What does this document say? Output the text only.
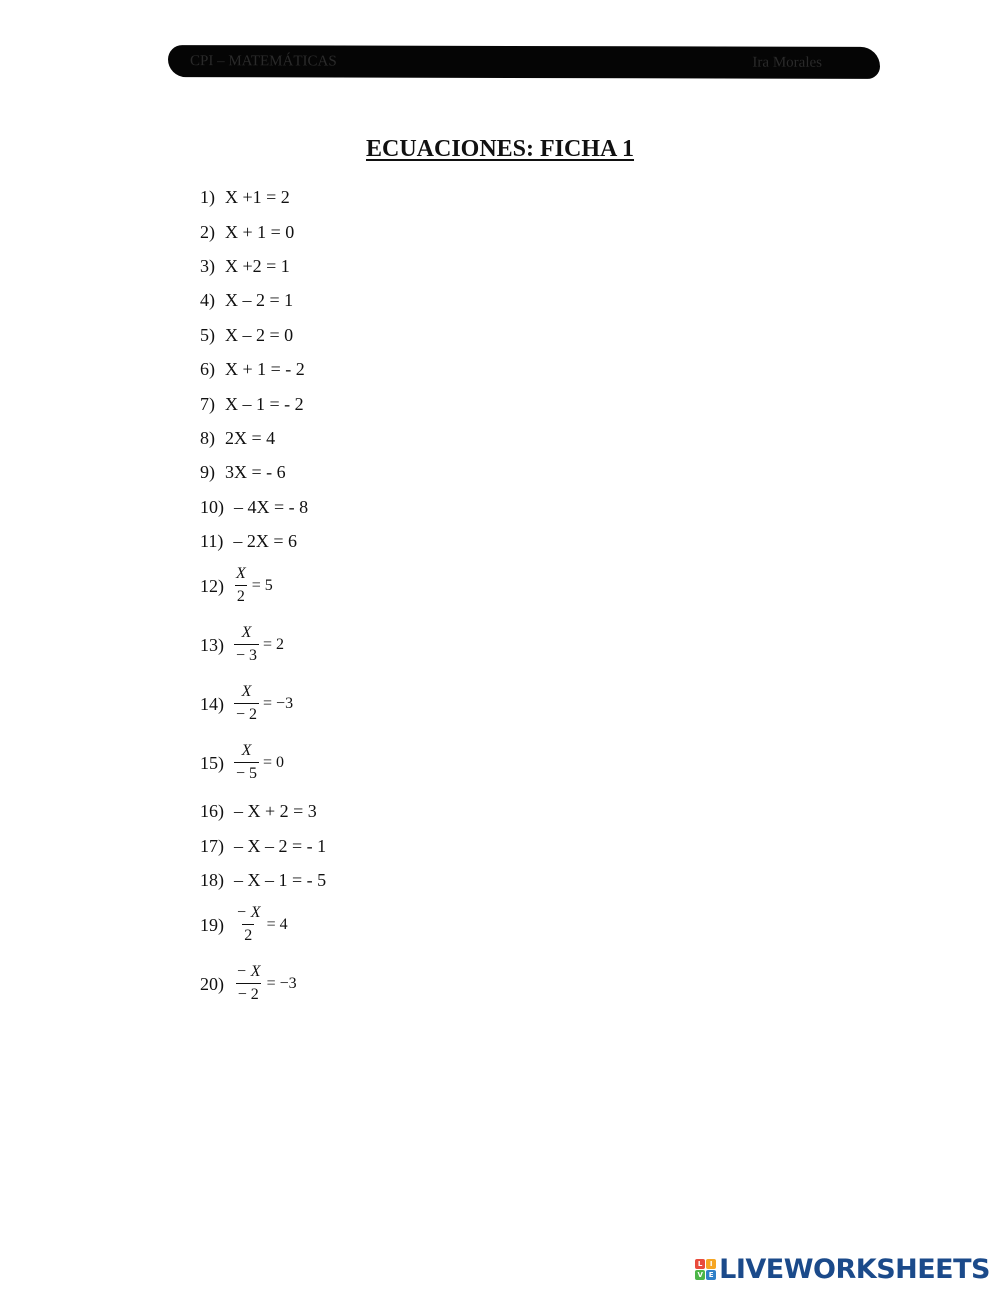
CPI – MATEMÁTICAS	Ira Morales
ECUACIONES: FICHA 1
1) X +1 = 2
2) X + 1 = 0
3) X +2 = 1
4) X – 2 = 1
5) X – 2 = 0
6) X + 1 = - 2
7) X – 1 = - 2
8) 2X = 4
9) 3X = - 6
10) – 4X = - 8
11) – 2X = 6
$12) \frac{X}{2} = 5$
$13) \frac{X}{- 3} = 2$
$14) \frac{X}{- 2} = -3$
$15) \frac{X}{- 5} = 0$
16) – X + 2 = 3
17) – X – 2 = - 1
18) – X – 1 = - 5
$19) \frac{- X}{2} = 4$
$20) \frac{- X}{- 2} = -3$
L	I
V E LIVEWORKSHEETS
